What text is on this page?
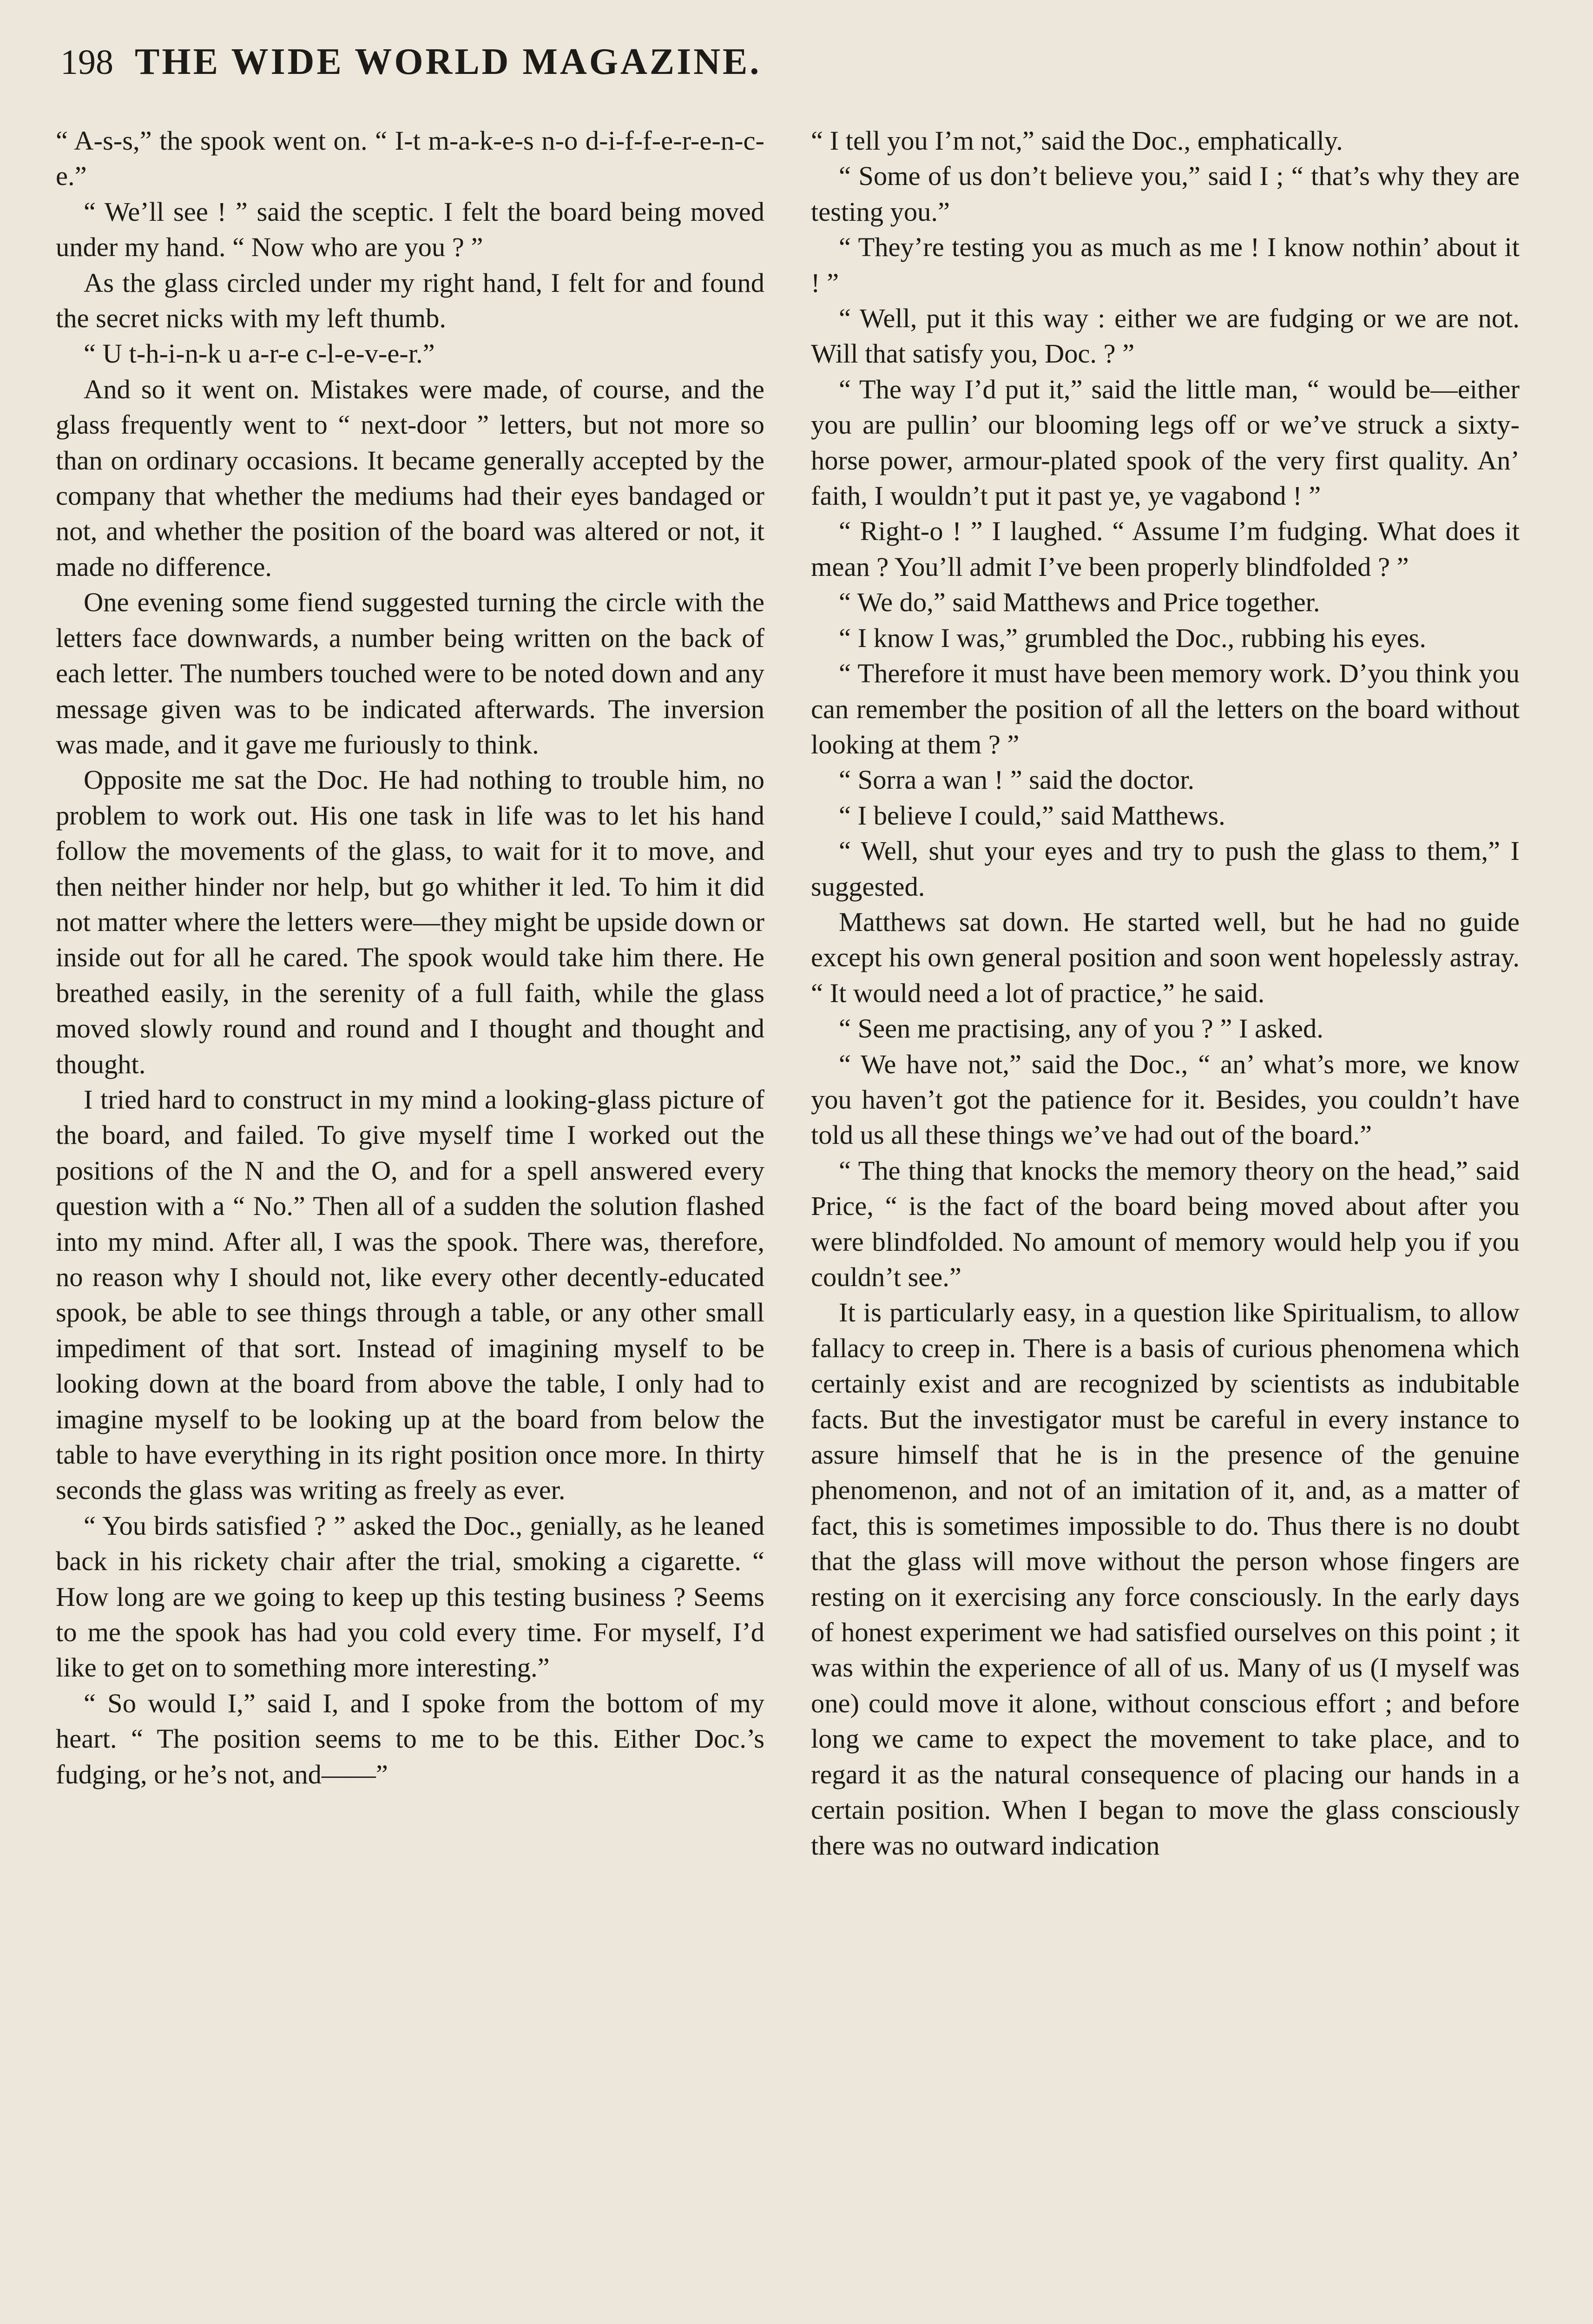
198 THE WIDE WORLD MAGAZINE.

“ A-s-s,” the spook went on. “ I-t m-a-k-e-s n-o d-i-f-f-e-r-e-n-c-e.”

“ We’ll see ! ” said the sceptic. I felt the board being moved under my hand. “ Now who are you ? ”

As the glass circled under my right hand, I felt for and found the secret nicks with my left thumb.

“ U t-h-i-n-k u a-r-e c-l-e-v-e-r.”

And so it went on. Mistakes were made, of course, and the glass frequently went to “ next-door ” letters, but not more so than on ordinary occasions. It became generally accepted by the company that whether the mediums had their eyes bandaged or not, and whether the position of the board was altered or not, it made no difference.

One evening some fiend suggested turning the circle with the letters face downwards, a number being written on the back of each letter. The numbers touched were to be noted down and any message given was to be indicated afterwards. The inversion was made, and it gave me furiously to think.

Opposite me sat the Doc. He had nothing to trouble him, no problem to work out. His one task in life was to let his hand follow the movements of the glass, to wait for it to move, and then neither hinder nor help, but go whither it led. To him it did not matter where the letters were—they might be upside down or inside out for all he cared. The spook would take him there. He breathed easily, in the serenity of a full faith, while the glass moved slowly round and round and I thought and thought and thought.

I tried hard to construct in my mind a looking-glass picture of the board, and failed. To give myself time I worked out the positions of the N and the O, and for a spell answered every question with a “ No.” Then all of a sudden the solution flashed into my mind. After all, I was the spook. There was, therefore, no reason why I should not, like every other decently-educated spook, be able to see things through a table, or any other small impediment of that sort. Instead of imagining myself to be looking down at the board from above the table, I only had to imagine myself to be looking up at the board from below the table to have everything in its right position once more. In thirty seconds the glass was writing as freely as ever.

“ You birds satisfied ? ” asked the Doc., genially, as he leaned back in his rickety chair after the trial, smoking a cigarette. “ How long are we going to keep up this testing business ? Seems to me the spook has had you cold every time. For myself, I’d like to get on to something more interesting.”

“ So would I,” said I, and I spoke from the bottom of my heart. “ The position seems to me to be this. Either Doc.’s fudging, or he’s not, and——”

“ I tell you I’m not,” said the Doc., emphatically.

“ Some of us don’t believe you,” said I ; “ that’s why they are testing you.”

“ They’re testing you as much as me ! I know nothin’ about it ! ”

“ Well, put it this way : either we are fudging or we are not. Will that satisfy you, Doc. ? ”

“ The way I’d put it,” said the little man, “ would be—either you are pullin’ our blooming legs off or we’ve struck a sixty-horse power, armour-plated spook of the very first quality. An’ faith, I wouldn’t put it past ye, ye vagabond ! ”

“ Right-o ! ” I laughed. “ Assume I’m fudging. What does it mean ? You’ll admit I’ve been properly blindfolded ? ”

“ We do,” said Matthews and Price together.

“ I know I was,” grumbled the Doc., rubbing his eyes.

“ Therefore it must have been memory work. D’you think you can remember the position of all the letters on the board without looking at them ? ”

“ Sorra a wan ! ” said the doctor.

“ I believe I could,” said Matthews.

“ Well, shut your eyes and try to push the glass to them,” I suggested.

Matthews sat down. He started well, but he had no guide except his own general position and soon went hopelessly astray. “ It would need a lot of practice,” he said.

“ Seen me practising, any of you ? ” I asked.

“ We have not,” said the Doc., “ an’ what’s more, we know you haven’t got the patience for it. Besides, you couldn’t have told us all these things we’ve had out of the board.”

“ The thing that knocks the memory theory on the head,” said Price, “ is the fact of the board being moved about after you were blindfolded. No amount of memory would help you if you couldn’t see.”

It is particularly easy, in a question like Spiritualism, to allow fallacy to creep in. There is a basis of curious phenomena which certainly exist and are recognized by scientists as indubitable facts. But the investigator must be careful in every instance to assure himself that he is in the presence of the genuine phenomenon, and not of an imitation of it, and, as a matter of fact, this is sometimes impossible to do. Thus there is no doubt that the glass will move without the person whose fingers are resting on it exercising any force consciously. In the early days of honest experiment we had satisfied ourselves on this point ; it was within the experience of all of us. Many of us (I myself was one) could move it alone, without conscious effort ; and before long we came to expect the movement to take place, and to regard it as the natural consequence of placing our hands in a certain position. When I began to move the glass consciously there was no outward indication
